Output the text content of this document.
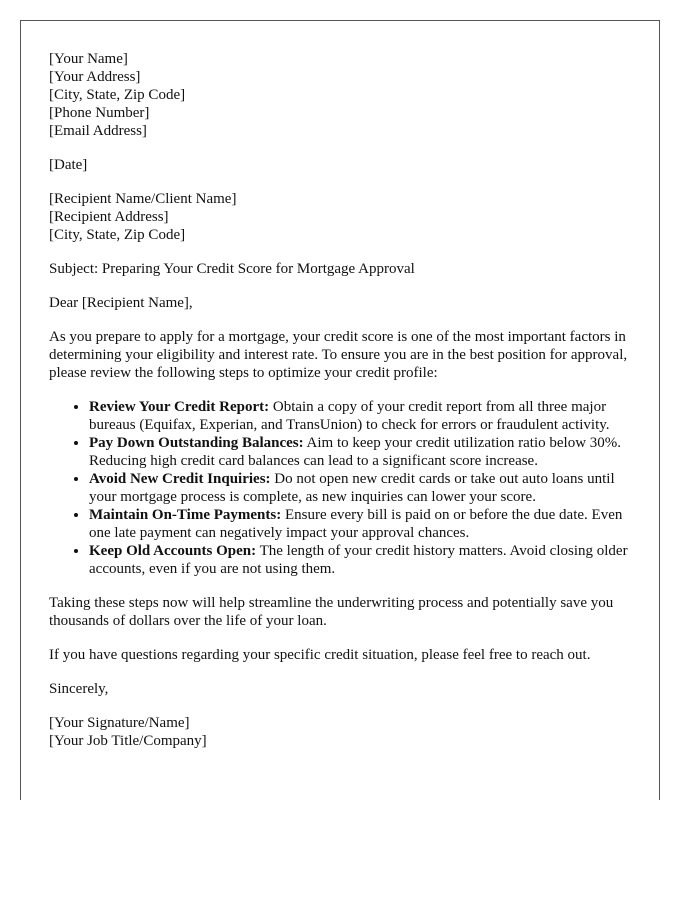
[Your Name]
[Your Address]
[City, State, Zip Code]
[Phone Number]
[Email Address]
[Date]
[Recipient Name/Client Name]
[Recipient Address]
[City, State, Zip Code]

Subject: Preparing Your Credit Score for Mortgage Approval

Dear [Recipient Name],

As you prepare to apply for a mortgage, your credit score is one of the most important factors in determining your eligibility and interest rate. To ensure you are in the best position for approval, please review the following steps to optimize your credit profile:

• Review Your Credit Report: Obtain a copy of your credit report from all three major bureaus (Equifax, Experian, and TransUnion) to check for errors or fraudulent activity.
• Pay Down Outstanding Balances: Aim to keep your credit utilization ratio below 30%. Reducing high credit card balances can lead to a significant score increase.
• Avoid New Credit Inquiries: Do not open new credit cards or take out auto loans until your mortgage process is complete, as new inquiries can lower your score.
• Maintain On-Time Payments: Ensure every bill is paid on or before the due date. Even one late payment can negatively impact your approval chances.
• Keep Old Accounts Open: The length of your credit history matters. Avoid closing older accounts, even if you are not using them.

Taking these steps now will help streamline the underwriting process and potentially save you thousands of dollars over the life of your loan.

If you have questions regarding your specific credit situation, please feel free to reach out.

Sincerely,

[Your Signature/Name]
[Your Job Title/Company]
